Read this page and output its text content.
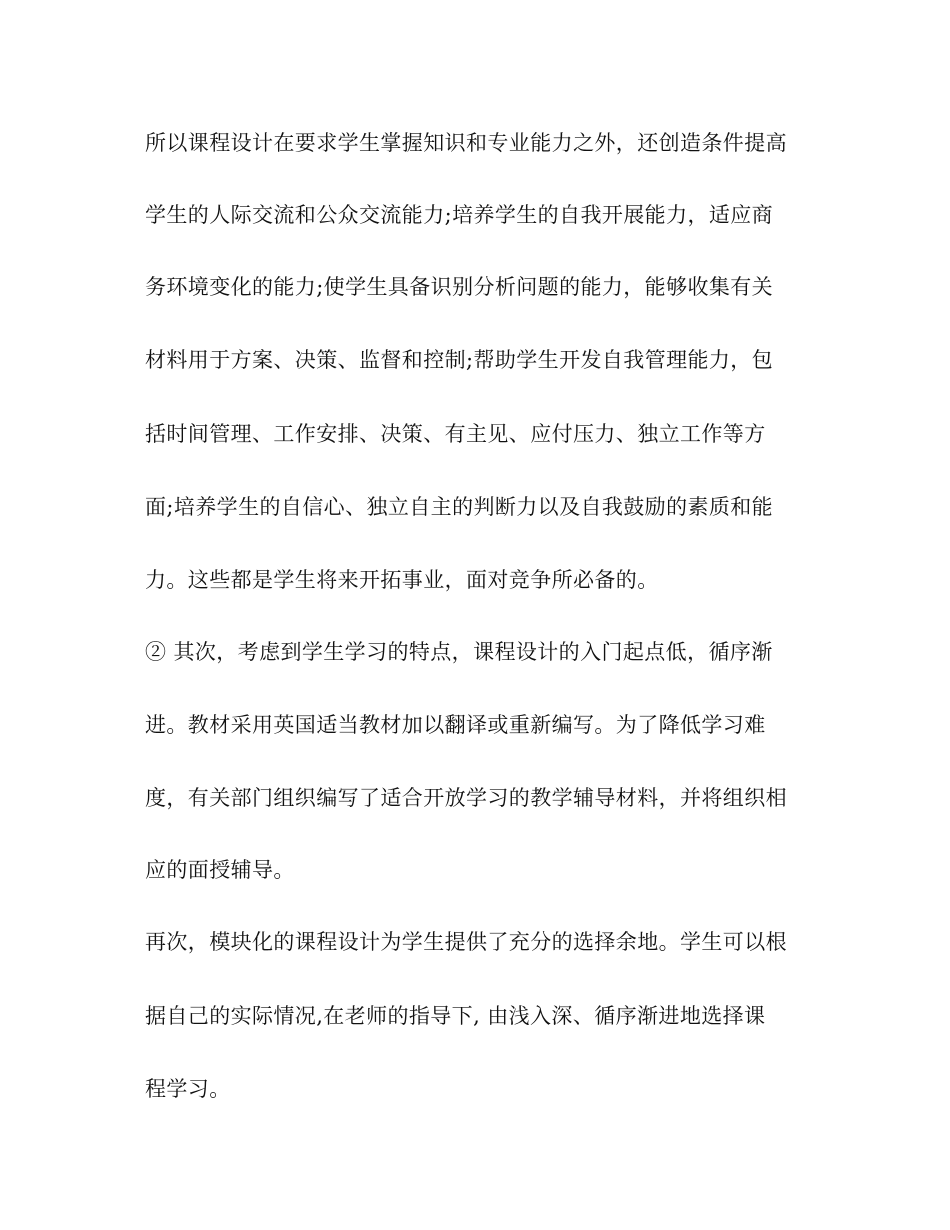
所以课程设计在要求学生掌握知识和专业能力之外，还创造条件提高
学生的人际交流和公众交流能力;培养学生的自我开展能力，适应商
务环境变化的能力;使学生具备识别分析问题的能力，能够收集有关
材料用于方案、决策、监督和控制;帮助学生开发自我管理能力，包
括时间管理、工作安排、决策、有主见、应付压力、独立工作等方
面;培养学生的自信心、独立自主的判断力以及自我鼓励的素质和能
力。这些都是学生将来开拓事业，面对竞争所必备的。
② 其次，考虑到学生学习的特点，课程设计的入门起点低，循序渐
进。教材采用英国适当教材加以翻译或重新编写。为了降低学习难
度，有关部门组织编写了适合开放学习的教学辅导材料，并将组织相
应的面授辅导。
再次，模块化的课程设计为学生提供了充分的选择余地。学生可以根
据自己的实际情况,在老师的指导下, 由浅入深、循序渐进地选择课
程学习。
